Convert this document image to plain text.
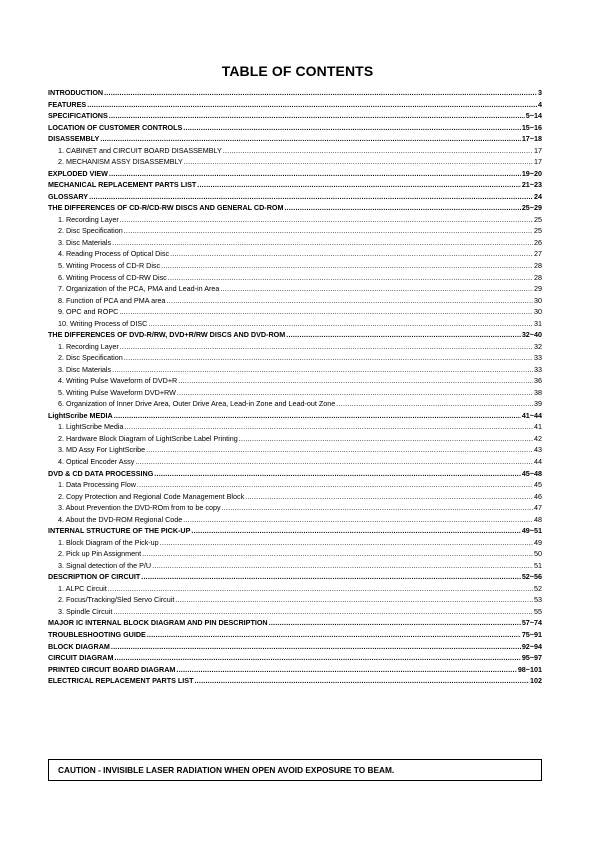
TABLE OF CONTENTS
INTRODUCTION .....	3
FEATURES .....	4
SPECIFICATIONS .....	5~14
LOCATION OF CUSTOMER CONTROLS .....	15~16
DISASSEMBLY .....	17~18
1. CABINET and CIRCUIT BOARD DISASSEMBLY .....	17
2. MECHANISM ASSY DISASSEMBLY .....	17
EXPLODED VIEW .....	19~20
MECHANICAL REPLACEMENT PARTS LIST .....	21~23
GLOSSARY .....	24
THE DIFFERENCES OF CD-R/CD-RW DISCS AND GENERAL CD-ROM .....	25~29
1. Recording Layer .....	25
2. Disc Specification .....	25
3. Disc Materials .....	26
4. Reading Process of Optical Disc .....	27
5. Writing Process of CD-R Disc .....	28
6. Writing Process of CD-RW Disc .....	28
7. Organization of the PCA, PMA and Lead-in Area .....	29
8. Function of PCA and PMA area .....	30
9. OPC and ROPC .....	30
10. Writing Process of DISC .....	31
THE DIFFERENCES OF DVD-R/RW, DVD+R/RW DISCS AND DVD-ROM .....	32~40
1. Recording Layer .....	32
2. Disc Specification .....	33
3. Disc Materials .....	33
4. Writing Pulse Waveform of DVD+R .....	36
5. Writing Pulse Waveform DVD+RW .....	38
6. Organization of Inner Drive Area, Outer Drive Area, Lead-in Zone and Lead-out Zone .....	39
LightScribe MEDIA .....	41~44
1. LightScribe Media .....	41
2. Hardware Block Diagram of LightScribe Label Printing .....	42
3. MD Assy For LightScribe .....	43
4. Optical Encoder Assy .....	44
DVD & CD DATA PROCESSING .....	45~48
1. Data Processing Flow .....	45
2. Copy Protection and Regional Code Management Block .....	46
3. About Prevention the DVD-ROm from to be copy .....	47
4. About the DVD-ROM Regional Code .....	48
INTERNAL STRUCTURE OF THE PICK-UP .....	49~51
1. Block Diagram of the Pick-up .....	49
2. Pick up Pin Assignment .....	50
3. Signal detection of the P/U .....	51
DESCRIPTION OF CIRCUIT .....	52~56
1. ALPC Circuit .....	52
2. Focus/Tracking/Sled Servo Circuit .....	53
3. Spindle Circuit .....	55
MAJOR IC INTERNAL BLOCK DIAGRAM AND PIN DESCRIPTION .....	57~74
TROUBLESHOOTING GUIDE .....	75~91
BLOCK DIAGRAM .....	92~94
CIRCUIT DIAGRAM .....	95~97
PRINTED CIRCUIT BOARD DIAGRAM .....	98~101
ELECTRICAL REPLACEMENT PARTS LIST .....	102
CAUTION - INVISIBLE LASER RADIATION WHEN OPEN AVOID EXPOSURE TO BEAM.
